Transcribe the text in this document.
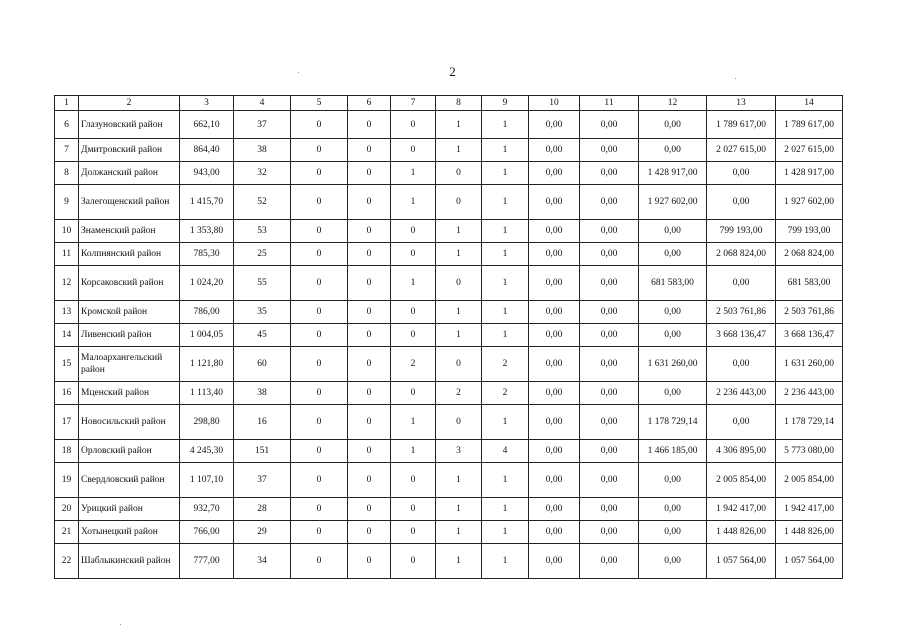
2
1	2	3	4	5	6	7	8	9	10	11	12	13	14
6	Глазуновский район	662,10	37	0	0	0	1	1	0,00	0,00	0,00	1 789 617,00	1 789 617,00
7	Дмитровский район	864,40	38	0	0	0	1	1	0,00	0,00	0,00	2 027 615,00	2 027 615,00
8	Должанский район	943,00	32	0	0	1	0	1	0,00	0,00	1 428 917,00	0,00	1 428 917,00
9	Залегощенский район	1 415,70	52	0	0	1	0	1	0,00	0,00	1 927 602,00	0,00	1 927 602,00
10	Знаменский район	1 353,80	53	0	0	0	1	1	0,00	0,00	0,00	799 193,00	799 193,00
11	Колпнянский район	785,30	25	0	0	0	1	1	0,00	0,00	0,00	2 068 824,00	2 068 824,00
12	Корсаковский район	1 024,20	55	0	0	1	0	1	0,00	0,00	681 583,00	0,00	681 583,00
13	Кромской район	786,00	35	0	0	0	1	1	0,00	0,00	0,00	2 503 761,86	2 503 761,86
14	Ливенский район	1 004,05	45	0	0	0	1	1	0,00	0,00	0,00	3 668 136,47	3 668 136,47
15	Малоархангельский район	1 121,80	60	0	0	2	0	2	0,00	0,00	1 631 260,00	0,00	1 631 260,00
16	Мценский район	1 113,40	38	0	0	0	2	2	0,00	0,00	0,00	2 236 443,00	2 236 443,00
17	Новосильский район	298,80	16	0	0	1	0	1	0,00	0,00	1 178 729,14	0,00	1 178 729,14
18	Орловский район	4 245,30	151	0	0	1	3	4	0,00	0,00	1 466 185,00	4 306 895,00	5 773 080,00
19	Свердловский район	1 107,10	37	0	0	0	1	1	0,00	0,00	0,00	2 005 854,00	2 005 854,00
20	Урицкий район	932,70	28	0	0	0	1	1	0,00	0,00	0,00	1 942 417,00	1 942 417,00
21	Хотынецкий район	766,00	29	0	0	0	1	1	0,00	0,00	0,00	1 448 826,00	1 448 826,00
22	Шаблыкинский район	777,00	34	0	0	0	1	1	0,00	0,00	0,00	1 057 564,00	1 057 564,00
